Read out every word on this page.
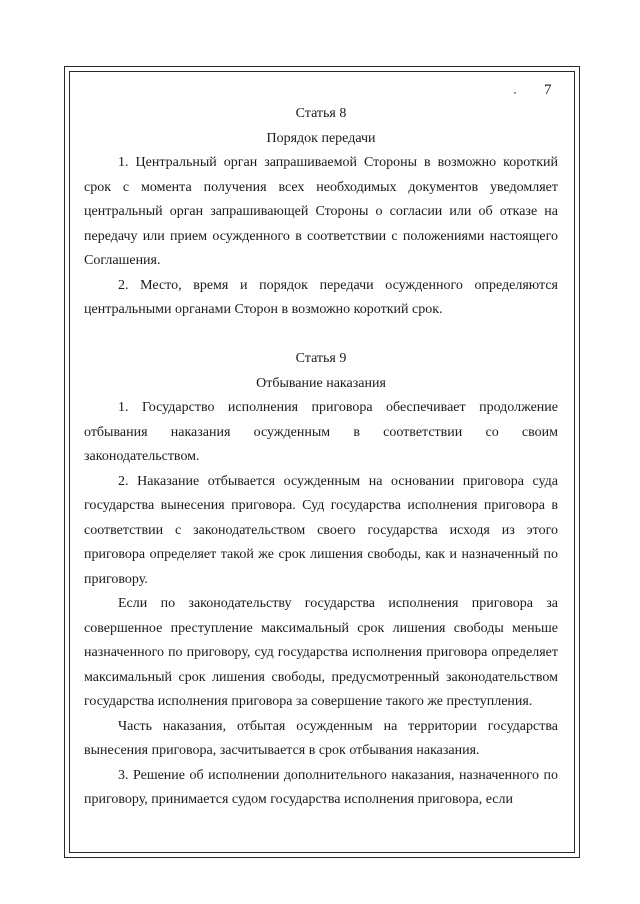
7

Статья 8

Порядок передачи

1. Центральный орган запрашиваемой Стороны в возможно короткий срок с момента получения всех необходимых документов уведомляет центральный орган запрашивающей Стороны о согласии или об отказе на передачу или прием осужденного в соответствии с положениями настоящего Соглашения.

2. Место, время и порядок передачи осужденного определяются центральными органами Сторон в возможно короткий срок.

Статья 9

Отбывание наказания

1. Государство исполнения приговора обеспечивает продолжение отбывания наказания осужденным в соответствии со своим законодательством.

2. Наказание отбывается осужденным на основании приговора суда государства вынесения приговора. Суд государства исполнения приговора в соответствии с законодательством своего государства исходя из этого приговора определяет такой же срок лишения свободы, как и назначенный по приговору.

Если по законодательству государства исполнения приговора за совершенное преступление максимальный срок лишения свободы меньше назначенного по приговору, суд государства исполнения приговора определяет максимальный срок лишения свободы, предусмотренный законодательством государства исполнения приговора за совершение такого же преступления.

Часть наказания, отбытая осужденным на территории государства вынесения приговора, засчитывается в срок отбывания наказания.

3. Решение об исполнении дополнительного наказания, назначенного по приговору, принимается судом государства исполнения приговора, если
